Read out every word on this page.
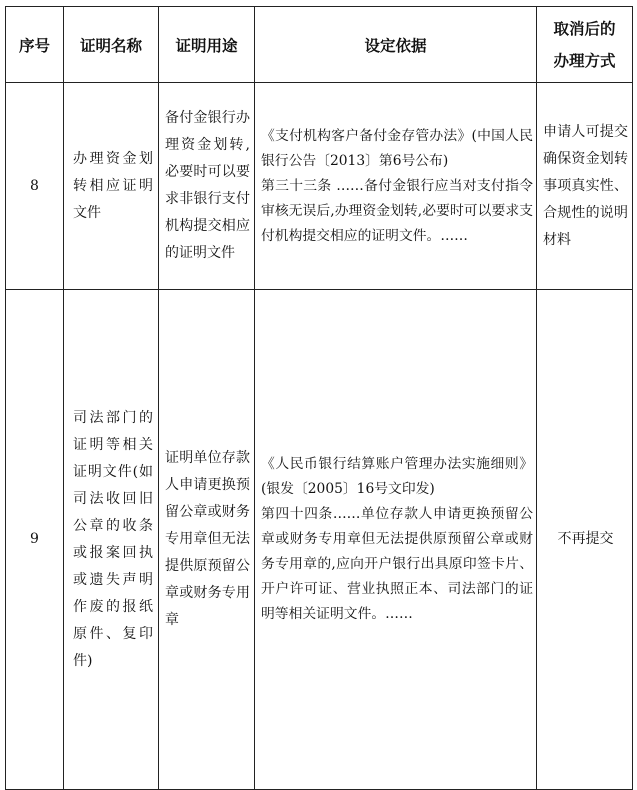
序号	证明名称	证明用途	设定依据	取消后的
办理方式

8	办理资金划转相应证明文件	备付金银行办理资金划转,必要时可以要求非银行支付机构提交相应的证明文件	《支付机构客户备付金存管办法》(中国人民银行公告〔2013〕第6号公布)
第三十三条 ……备付金银行应当对支付指令审核无误后,办理资金划转,必要时可以要求支付机构提交相应的证明文件。……	申请人可提交确保资金划转事项真实性、合规性的说明材料
9	司法部门的证明等相关证明文件(如司法收回旧公章的收条或报案回执或遗失声明作废的报纸原件、复印件)	证明单位存款人申请更换预留公章或财务专用章但无法提供原预留公章或财务专用章	《人民币银行结算账户管理办法实施细则》(银发〔2005〕16号文印发)
第四十四条……单位存款人申请更换预留公章或财务专用章但无法提供原预留公章或财务专用章的,应向开户银行出具原印签卡片、开户许可证、营业执照正本、司法部门的证明等相关证明文件。……	不再提交
